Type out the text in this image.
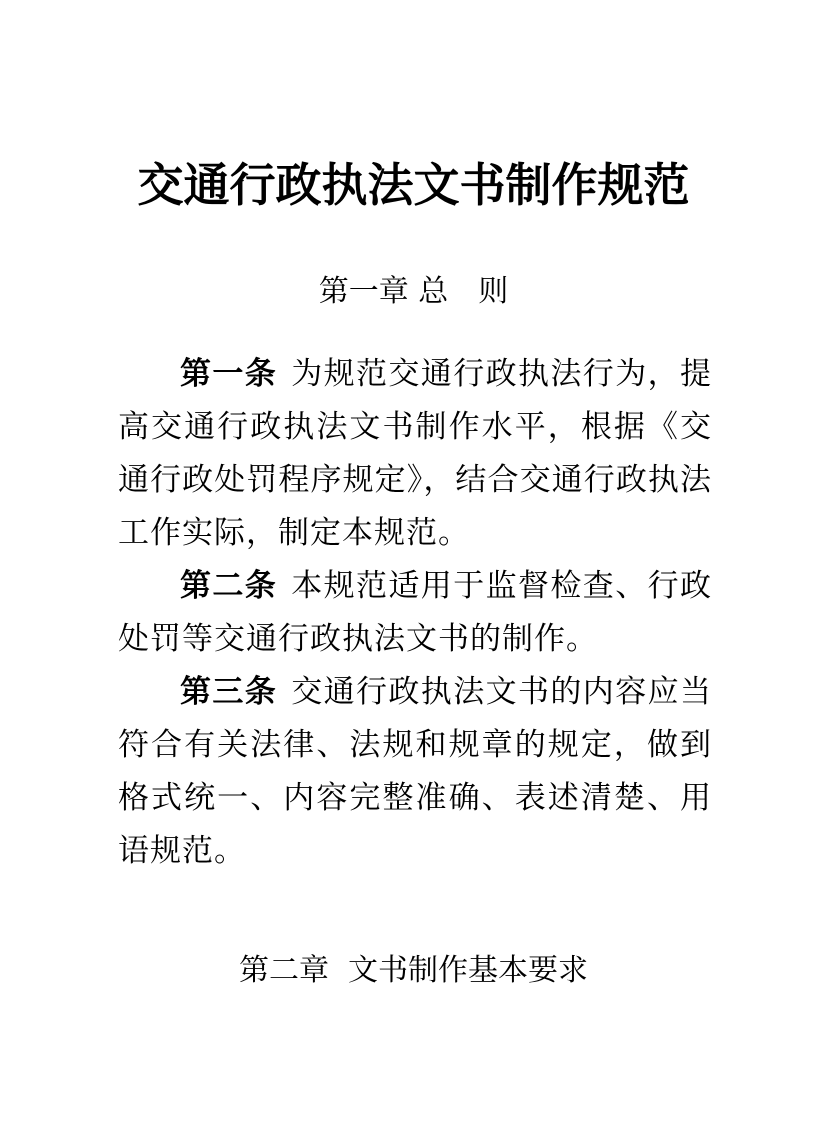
交通行政执法文书制作规范
第一章 总　则

第一条 为规范交通行政执法行为，提高交通行政执法文书制作水平，根据《交通行政处罚程序规定》，结合交通行政执法工作实际，制定本规范。

第二条 本规范适用于监督检查、行政处罚等交通行政执法文书的制作。

第三条 交通行政执法文书的内容应当符合有关法律、法规和规章的规定，做到格式统一、内容完整准确、表述清楚、用语规范。

第二章  文书制作基本要求
